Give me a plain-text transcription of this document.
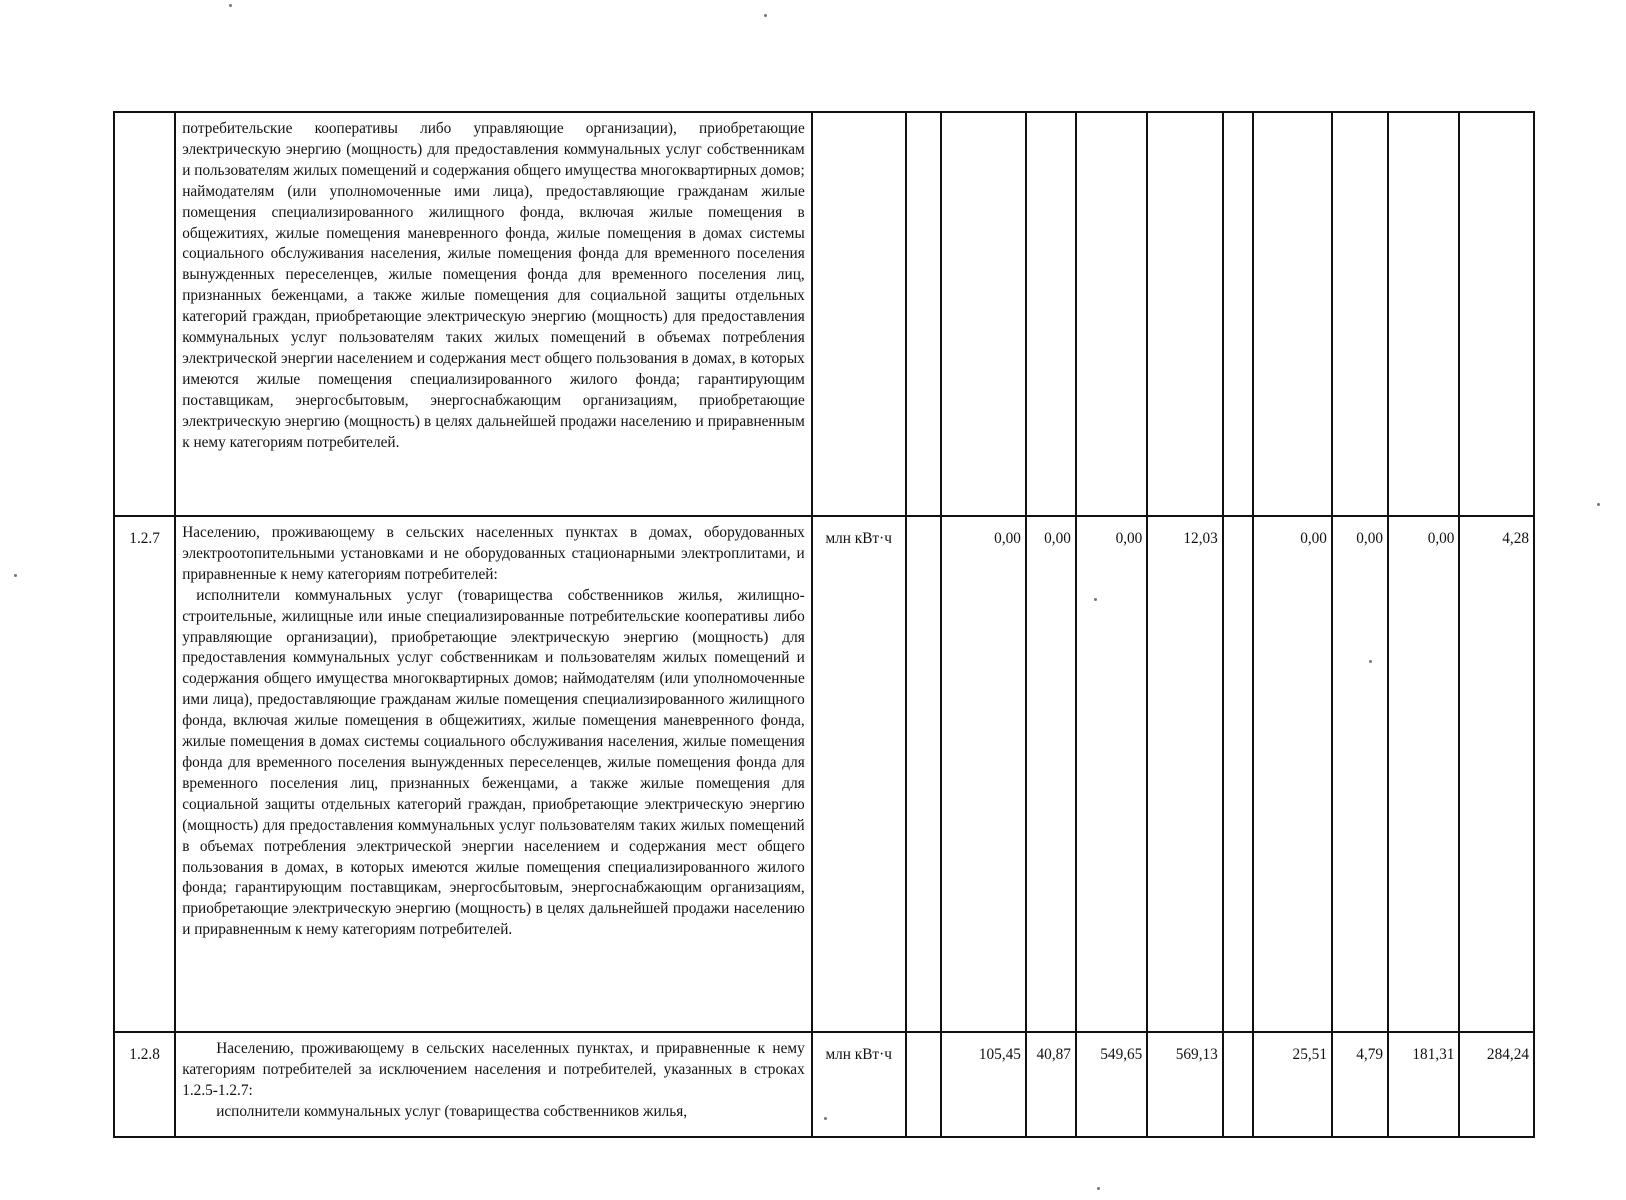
	потребительские кооперативы либо управляющие организации), приобретающие электрическую энергию (мощность) для предоставления коммунальных услуг собственникам и пользователям жилых помещений и содержания общего имущества многоквартирных домов; наймодателям (или уполномоченные ими лица), предоставляющие гражданам жилые помещения специализированного жилищного фонда, включая жилые помещения в общежитиях, жилые помещения маневренного фонда, жилые помещения в домах системы социального обслуживания населения, жилые помещения фонда для временного поселения вынужденных переселенцев, жилые помещения фонда для временного поселения лиц, признанных беженцами, а также жилые помещения для социальной защиты отдельных категорий граждан, приобретающие электрическую энергию (мощность) для предоставления коммунальных услуг пользователям таких жилых помещений в объемах потребления электрической энергии населением и содержания мест общего пользования в домах, в которых имеются жилые помещения специализированного жилого фонда; гарантирующим поставщикам, энергосбытовым, энергоснабжающим организациям, приобретающие электрическую энергию (мощность) в целях дальнейшей продажи населению и приравненным к нему категориям потребителей.											

1.2.7	Населению, проживающему в сельских населенных пунктах в домах, оборудованных электроотопительными установками и не оборудованных стационарными электроплитами, и приравненные к нему категориям потребителей:
исполнители коммунальных услуг (товарищества собственников жилья, жилищно-строительные, жилищные или иные специализированные потребительские кооперативы либо управляющие организации), приобретающие электрическую энергию (мощность) для предоставления коммунальных услуг собственникам и пользователям жилых помещений и содержания общего имущества многоквартирных домов; наймодателям (или уполномоченные ими лица), предоставляющие гражданам жилые помещения специализированного жилищного фонда, включая жилые помещения в общежитиях, жилые помещения маневренного фонда, жилые помещения в домах системы социального обслуживания населения, жилые помещения фонда для временного поселения вынужденных переселенцев, жилые помещения фонда для временного поселения лиц, признанных беженцами, а также жилые помещения для социальной защиты отдельных категорий граждан, приобретающие электрическую энергию (мощность) для предоставления коммунальных услуг пользователям таких жилых помещений в объемах потребления электрической энергии населением и содержания мест общего пользования в домах, в которых имеются жилые помещения специализированного жилого фонда; гарантирующим поставщикам, энергосбытовым, энергоснабжающим организациям, приобретающие электрическую энергию (мощность) в целях дальнейшей продажи населению и приравненным к нему категориям потребителей.	млн кВт·ч		0,00	0,00	0,00	12,03		0,00	0,00	0,00	4,28
1.2.8	Населению, проживающему в сельских населенных пунктах, и приравненные к нему категориям потребителей за исключением населения и потребителей, указанных в строках 1.2.5-1.2.7:
исполнители коммунальных услуг (товарищества собственников жилья,	млн кВт·ч		105,45	40,87	549,65	569,13		25,51	4,79	181,31	284,24
